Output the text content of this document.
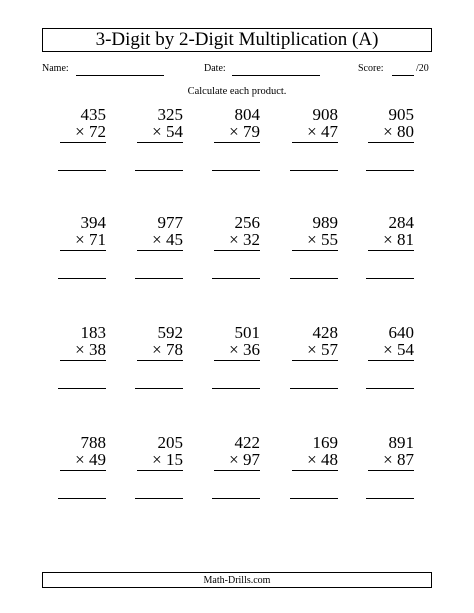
3-Digit by 2-Digit Multiplication (A)
Name:	Date:	Score:	/20
Calculate each product.
435
× 72
325
× 54
804
× 79
908
× 47
905
× 80
394
× 71
977
× 45
256
× 32
989
× 55
284
× 81
183
× 38
592
× 78
501
× 36
428
× 57
640
× 54
788
× 49
205
× 15
422
× 97
169
× 48
891
× 87
Math-Drills.com
